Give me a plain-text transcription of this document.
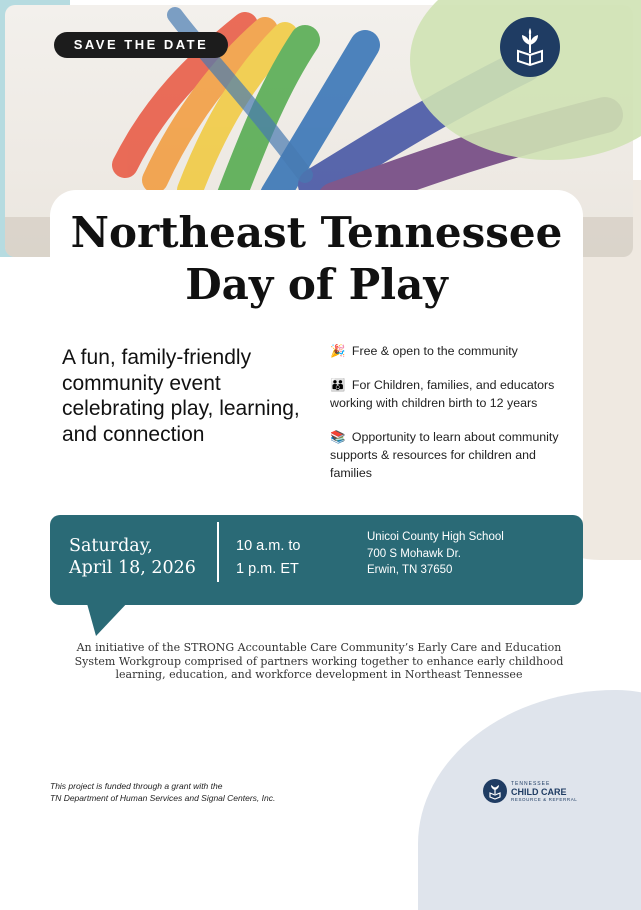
SAVE THE DATE
Northeast Tennessee
Day of Play

A fun, family-friendly community event celebrating play, learning, and connection

🎉 Free & open to the community
👪 For Children, families, and educators working with children birth to 12 years
📚 Opportunity to learn about community supports & resources for children and families
Saturday,
April 18, 2026
10 a.m. to
1 p.m. ET
Unicoi County High School
700 S Mohawk Dr.
Erwin, TN 37650

An initiative of the STRONG Accountable Care Community’s Early Care and Education System Workgroup comprised of partners working together to enhance early childhood learning, education, and workforce development in Northeast Tennessee

This project is funded through a grant with the
TN Department of Human Services and Signal Centers, Inc.

TENNESSEE
CHILD CARE
RESOURCE & REFERRAL
